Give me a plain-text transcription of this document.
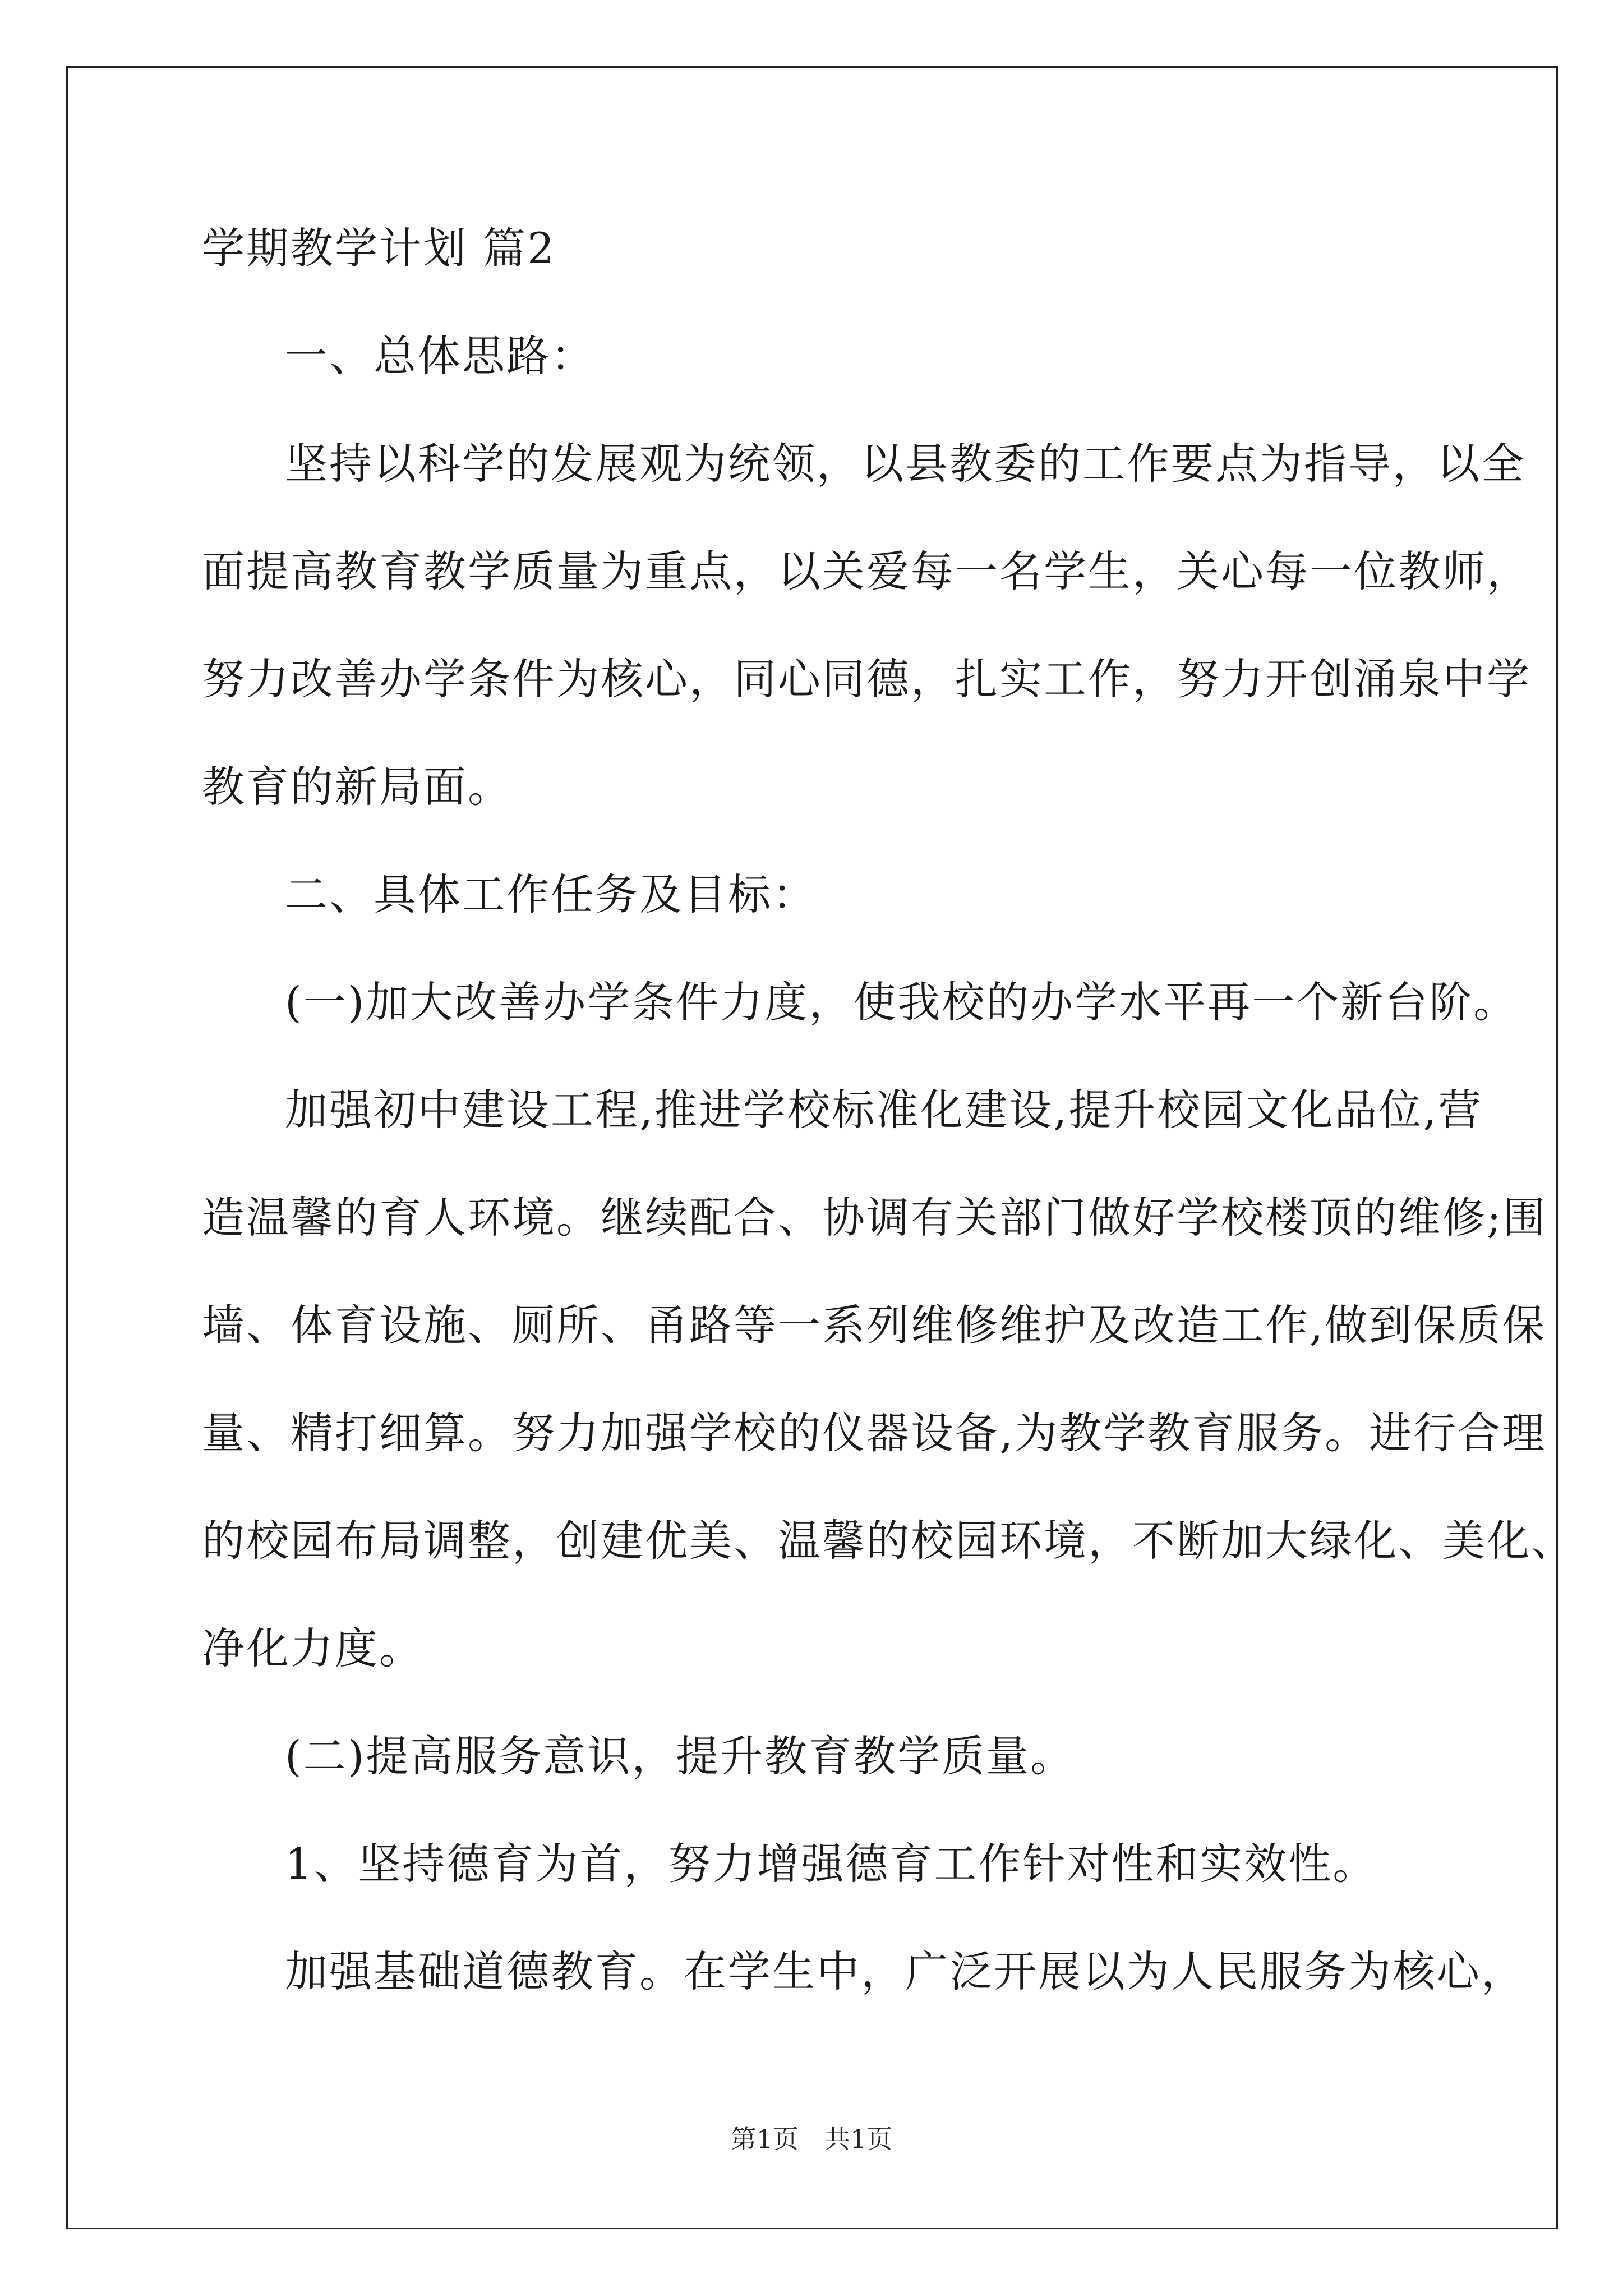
学期教学计划 篇2
一、总体思路：
坚持以科学的发展观为统领，以县教委的工作要点为指导，以全
面提高教育教学质量为重点，以关爱每一名学生，关心每一位教师，
努力改善办学条件为核心，同心同德，扎实工作，努力开创涌泉中学
教育的新局面。
二、具体工作任务及目标：
(一)加大改善办学条件力度，使我校的办学水平再一个新台阶。
加强初中建设工程,推进学校标准化建设,提升校园文化品位,营
造温馨的育人环境。继续配合、协调有关部门做好学校楼顶的维修;围
墙、体育设施、厕所、甬路等一系列维修维护及改造工作,做到保质保
量、精打细算。努力加强学校的仪器设备,为教学教育服务。进行合理
的校园布局调整，创建优美、温馨的校园环境，不断加大绿化、美化、
净化力度。
(二)提高服务意识，提升教育教学质量。
1、坚持德育为首，努力增强德育工作针对性和实效性。
加强基础道德教育。在学生中，广泛开展以为人民服务为核心，
第1页　共1页
